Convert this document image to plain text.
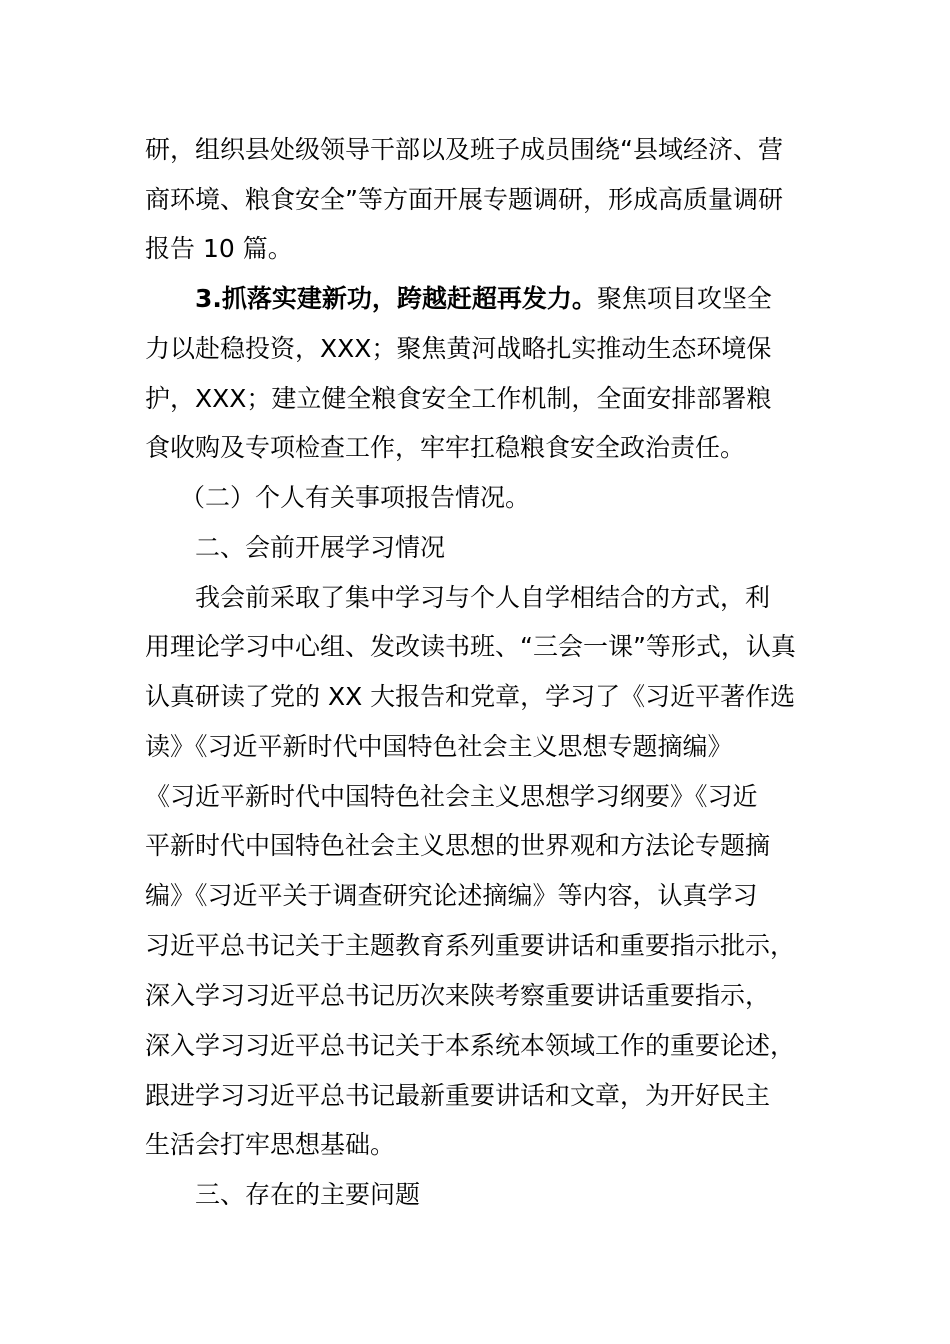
研，组织县处级领导干部以及班子成员围绕“县域经济、营

商环境、粮食安全”等方面开展专题调研，形成高质量调研

报告 10 篇。

3.抓落实建新功，跨越赶超再发力。聚焦项目攻坚全

力以赴稳投资，XXX；聚焦黄河战略扎实推动生态环境保

护，XXX；建立健全粮食安全工作机制，全面安排部署粮

食收购及专项检查工作，牢牢扛稳粮食安全政治责任。

（二）个人有关事项报告情况。

二、会前开展学习情况

我会前采取了集中学习与个人自学相结合的方式，利

用理论学习中心组、发改读书班、“三会一课”等形式，认真

认真研读了党的 XX 大报告和党章，学习了《习近平著作选

读》《习近平新时代中国特色社会主义思想专题摘编》

《习近平新时代中国特色社会主义思想学习纲要》《习近

平新时代中国特色社会主义思想的世界观和方法论专题摘

编》《习近平关于调查研究论述摘编》等内容，认真学习

习近平总书记关于主题教育系列重要讲话和重要指示批示，

深入学习习近平总书记历次来陕考察重要讲话重要指示，

深入学习习近平总书记关于本系统本领域工作的重要论述，

跟进学习习近平总书记最新重要讲话和文章，为开好民主

生活会打牢思想基础。

三、存在的主要问题
